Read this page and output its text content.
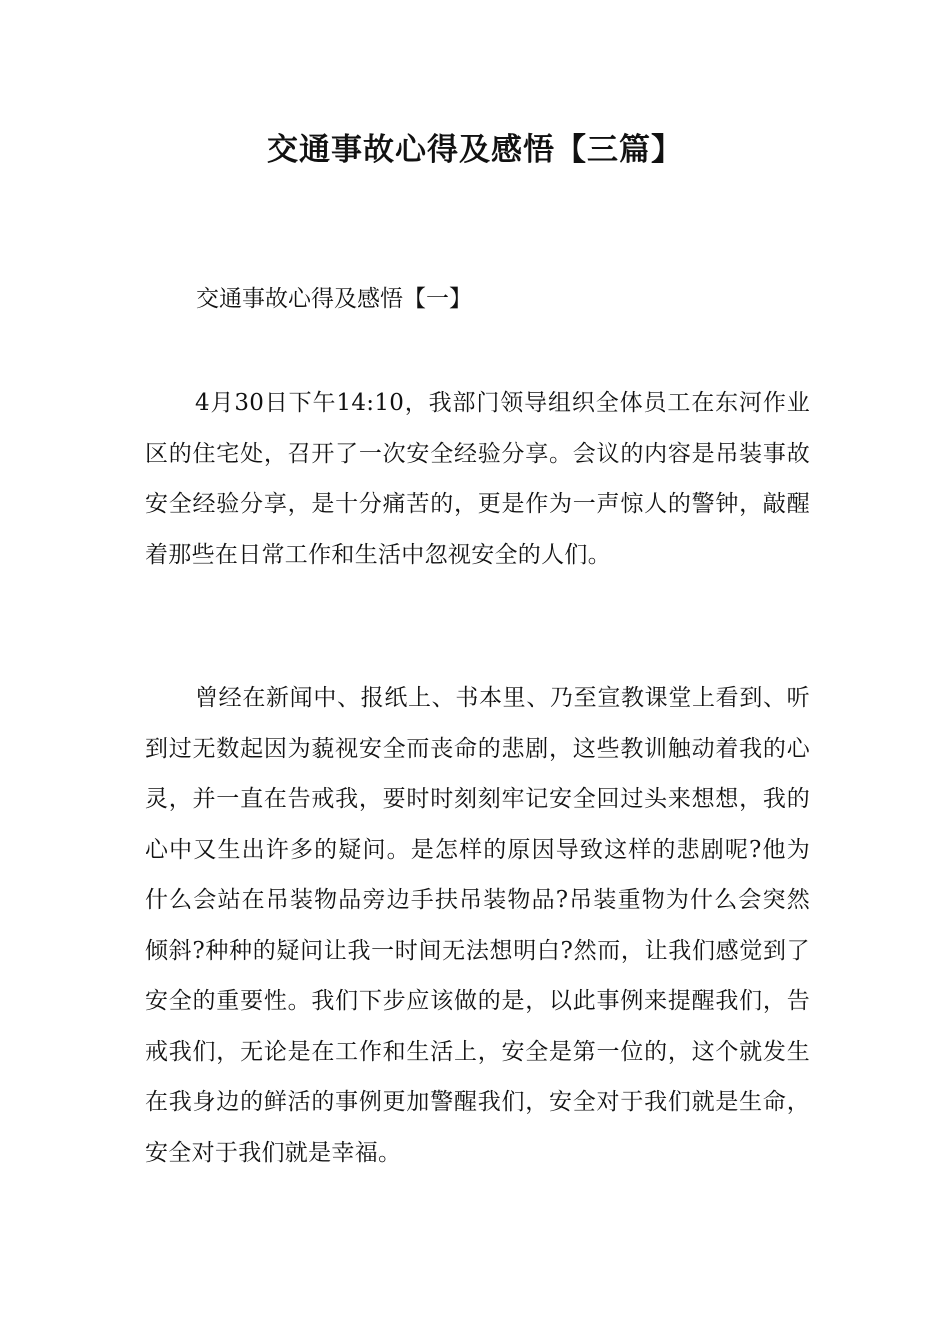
交通事故心得及感悟【三篇】

交通事故心得及感悟【一】

4月30日下午14:10，我部门领导组织全体员工在东河作业区的住宅处，召开了一次安全经验分享。会议的内容是吊装事故安全经验分享，是十分痛苦的，更是作为一声惊人的警钟，敲醒着那些在日常工作和生活中忽视安全的人们。

曾经在新闻中、报纸上、书本里、乃至宣教课堂上看到、听到过无数起因为藐视安全而丧命的悲剧，这些教训触动着我的心灵，并一直在告戒我，要时时刻刻牢记安全回过头来想想，我的心中又生出许多的疑问。是怎样的原因导致这样的悲剧呢?他为什么会站在吊装物品旁边手扶吊装物品?吊装重物为什么会突然倾斜?种种的疑问让我一时间无法想明白?然而，让我们感觉到了安全的重要性。我们下步应该做的是，以此事例来提醒我们，告戒我们，无论是在工作和生活上，安全是第一位的，这个就发生在我身边的鲜活的事例更加警醒我们，安全对于我们就是生命，安全对于我们就是幸福。
